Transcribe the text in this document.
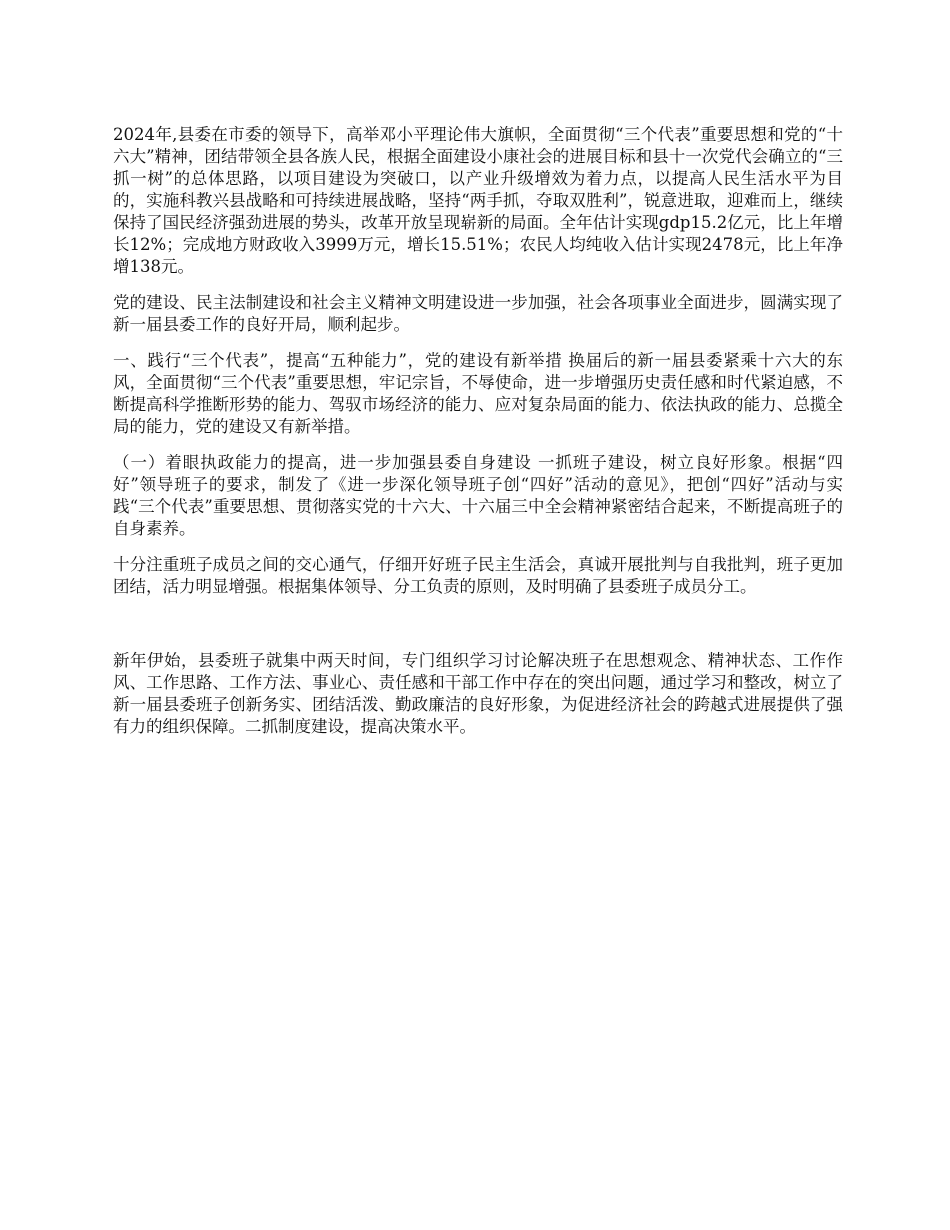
2024年,县委在市委的领导下，高举邓小平理论伟大旗帜，全面贯彻“三个代表”重要思想和党的“十六大”精神，团结带领全县各族人民，根据全面建设小康社会的进展目标和县十一次党代会确立的“三抓一树”的总体思路，以项目建设为突破口，以产业升级增效为着力点，以提高人民生活水平为目的，实施科教兴县战略和可持续进展战略，坚持“两手抓，夺取双胜利”，锐意进取，迎难而上，继续保持了国民经济强劲进展的势头，改革开放呈现崭新的局面。全年估计实现gdp15.2亿元，比上年增长12%；完成地方财政收入3999万元，增长15.51%；农民人均纯收入估计实现2478元，比上年净增138元。

党的建设、民主法制建设和社会主义精神文明建设进一步加强，社会各项事业全面进步，圆满实现了新一届县委工作的良好开局，顺利起步。

一、践行“三个代表”，提高“五种能力”，党的建设有新举措 换届后的新一届县委紧乘十六大的东风，全面贯彻“三个代表”重要思想，牢记宗旨，不辱使命，进一步增强历史责任感和时代紧迫感，不断提高科学推断形势的能力、驾驭市场经济的能力、应对复杂局面的能力、依法执政的能力、总揽全局的能力，党的建设又有新举措。

（一）着眼执政能力的提高，进一步加强县委自身建设 一抓班子建设，树立良好形象。根据“四好”领导班子的要求，制发了《进一步深化领导班子创“四好”活动的意见》，把创“四好”活动与实践“三个代表”重要思想、贯彻落实党的十六大、十六届三中全会精神紧密结合起来，不断提高班子的自身素养。

十分注重班子成员之间的交心通气，仔细开好班子民主生活会，真诚开展批判与自我批判，班子更加团结，活力明显增强。根据集体领导、分工负责的原则，及时明确了县委班子成员分工。

新年伊始，县委班子就集中两天时间，专门组织学习讨论解决班子在思想观念、精神状态、工作作风、工作思路、工作方法、事业心、责任感和干部工作中存在的突出问题，通过学习和整改，树立了新一届县委班子创新务实、团结活泼、勤政廉洁的良好形象，为促进经济社会的跨越式进展提供了强有力的组织保障。二抓制度建设，提高决策水平。
